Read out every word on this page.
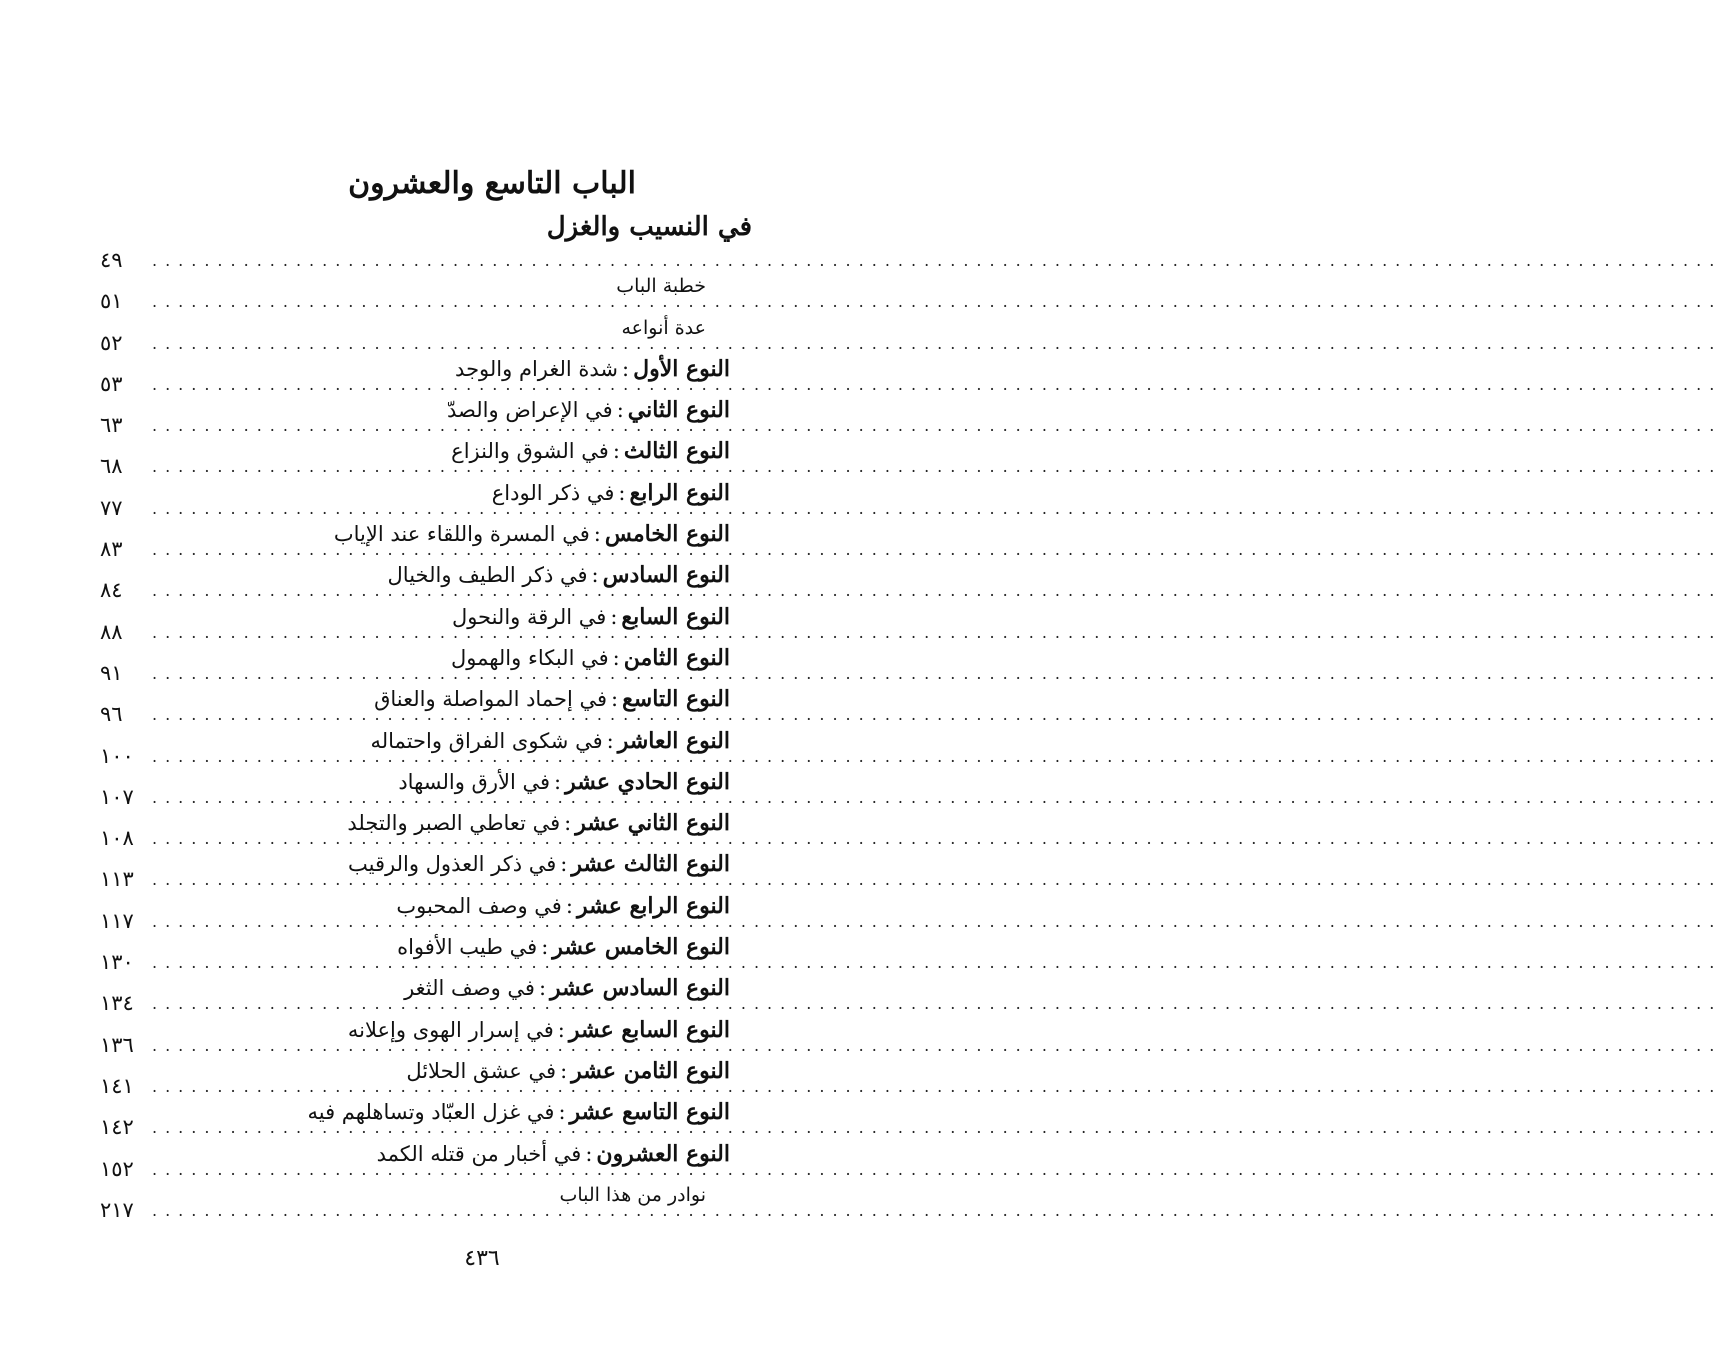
الباب التاسع والعشرون
في النسيب والغزل
........................................................................................................................
٤٩
........................................................................................................................
خطبة الباب
٥١
........................................................................................................................
عدة أنواعه
٥٢
........................................................................................................................
النوع الأول:شدة الغرام والوجد
٥٣
........................................................................................................................
النوع الثاني:في الإعراض والصدّ
٦٣
........................................................................................................................
النوع الثالث:في الشوق والنزاع
٦٨
........................................................................................................................
النوع الرابع:في ذكر الوداع
٧٧
........................................................................................................................
النوع الخامس:في المسرة واللقاء عند الإياب
٨٣
........................................................................................................................
النوع السادس:في ذكر الطيف والخيال
٨٤
........................................................................................................................
النوع السابع:في الرقة والنحول
٨٨
........................................................................................................................
النوع الثامن:في البكاء والهمول
٩١
........................................................................................................................
النوع التاسع:في إحماد المواصلة والعناق
٩٦
........................................................................................................................
النوع العاشر:في شكوى الفراق واحتماله
١٠٠
........................................................................................................................
النوع الحادي عشر:في الأرق والسهاد
١٠٧
........................................................................................................................
النوع الثاني عشر:في تعاطي الصبر والتجلد
١٠٨
........................................................................................................................
النوع الثالث عشر:في ذكر العذول والرقيب
١١٣
........................................................................................................................
النوع الرابع عشر:في وصف المحبوب
١١٧
........................................................................................................................
النوع الخامس عشر:في طيب الأفواه
١٣٠
........................................................................................................................
النوع السادس عشر:في وصف الثغر
١٣٤
........................................................................................................................
النوع السابع عشر:في إسرار الهوى وإعلانه
١٣٦
........................................................................................................................
النوع الثامن عشر:في عشق الحلائل
١٤١
........................................................................................................................
النوع التاسع عشر:في غزل العبّاد وتساهلهم فيه
١٤٢
........................................................................................................................
النوع العشرون:في أخبار من قتله الكمد
١٥٢
........................................................................................................................
نوادر من هذا الباب
٢١٧
٤٣٦
